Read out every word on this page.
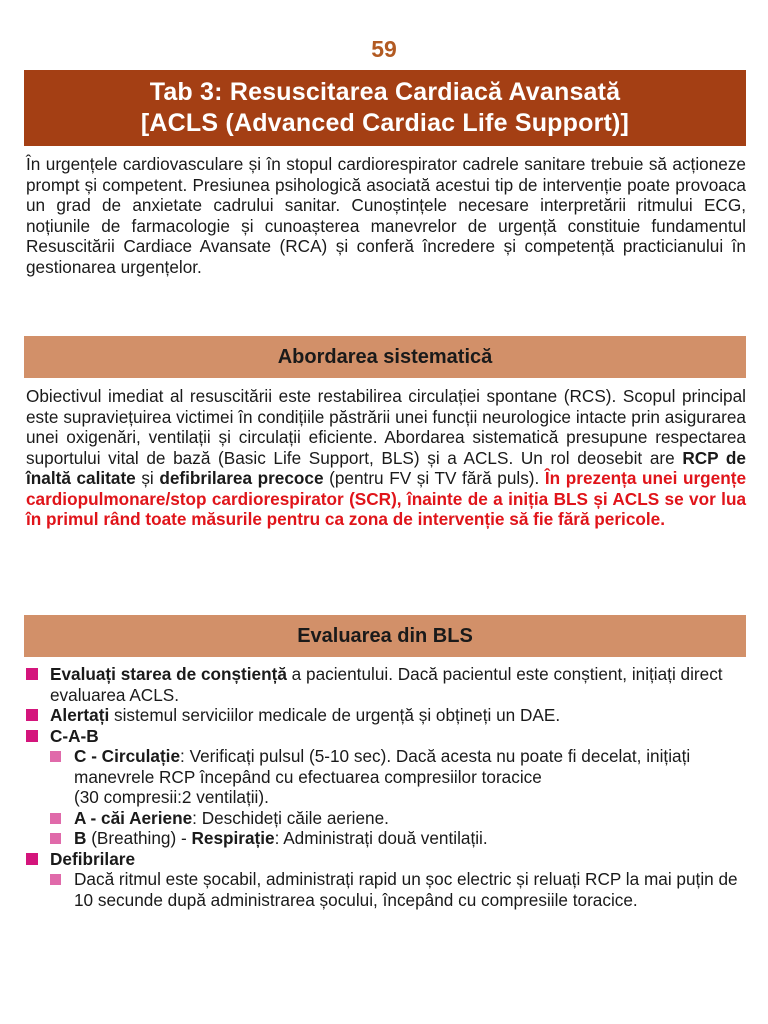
59
Tab 3: Resuscitarea Cardiacă Avansată
[ACLS (Advanced Cardiac Life Support)]
În urgențele cardiovasculare și în stopul cardiorespirator cadrele sanitare trebuie să acționeze prompt și competent. Presiunea psihologică asociată acestui tip de intervenție poate provoaca un grad de anxietate cadrului sanitar. Cunoștințele necesare interpretării ritmului ECG, noțiunile de farmacologie și cunoașterea manevrelor de urgență constituie fundamentul Resuscitării Cardiace Avansate (RCA) și conferă încredere și competență practicianului în gestionarea urgențelor.
Abordarea sistematică
Obiectivul imediat al resuscitării este restabilirea circulației spontane (RCS). Scopul principal este supraviețuirea victimei în condițiile păstrării unei funcții neurologice intacte prin asigurarea unei oxigenări, ventilații și circulații eficiente. Abordarea sistematică presupune respectarea suportului vital de bază (Basic Life Support, BLS) și a ACLS. Un rol deosebit are RCP de înaltă calitate și defibrilarea precoce (pentru FV și TV fără puls). În prezența unei urgențe cardiopulmonare/stop cardiorespirator (SCR), înainte de a iniția BLS și ACLS se vor lua în primul rând toate măsurile pentru ca zona de intervenție să fie fără pericole.
Evaluarea din BLS
Evaluați starea de conștiență a pacientului. Dacă pacientul este conștient, inițiați direct evaluarea ACLS.
Alertați sistemul serviciilor medicale de urgență și obțineți un DAE.
C-A-B
C - Circulație: Verificați pulsul (5-10 sec). Dacă acesta nu poate fi decelat, inițiați manevrele RCP începând cu efectuarea compresiilor toracice
(30 compresii:2 ventilații).
A - căi Aeriene: Deschideți căile aeriene.
B (Breathing) - Respirație: Administrați două ventilații.
Defibrilare
Dacă ritmul este șocabil, administrați rapid un șoc electric și reluați RCP la mai puțin de 10 secunde după administrarea șocului, începând cu compresiile toracice.
